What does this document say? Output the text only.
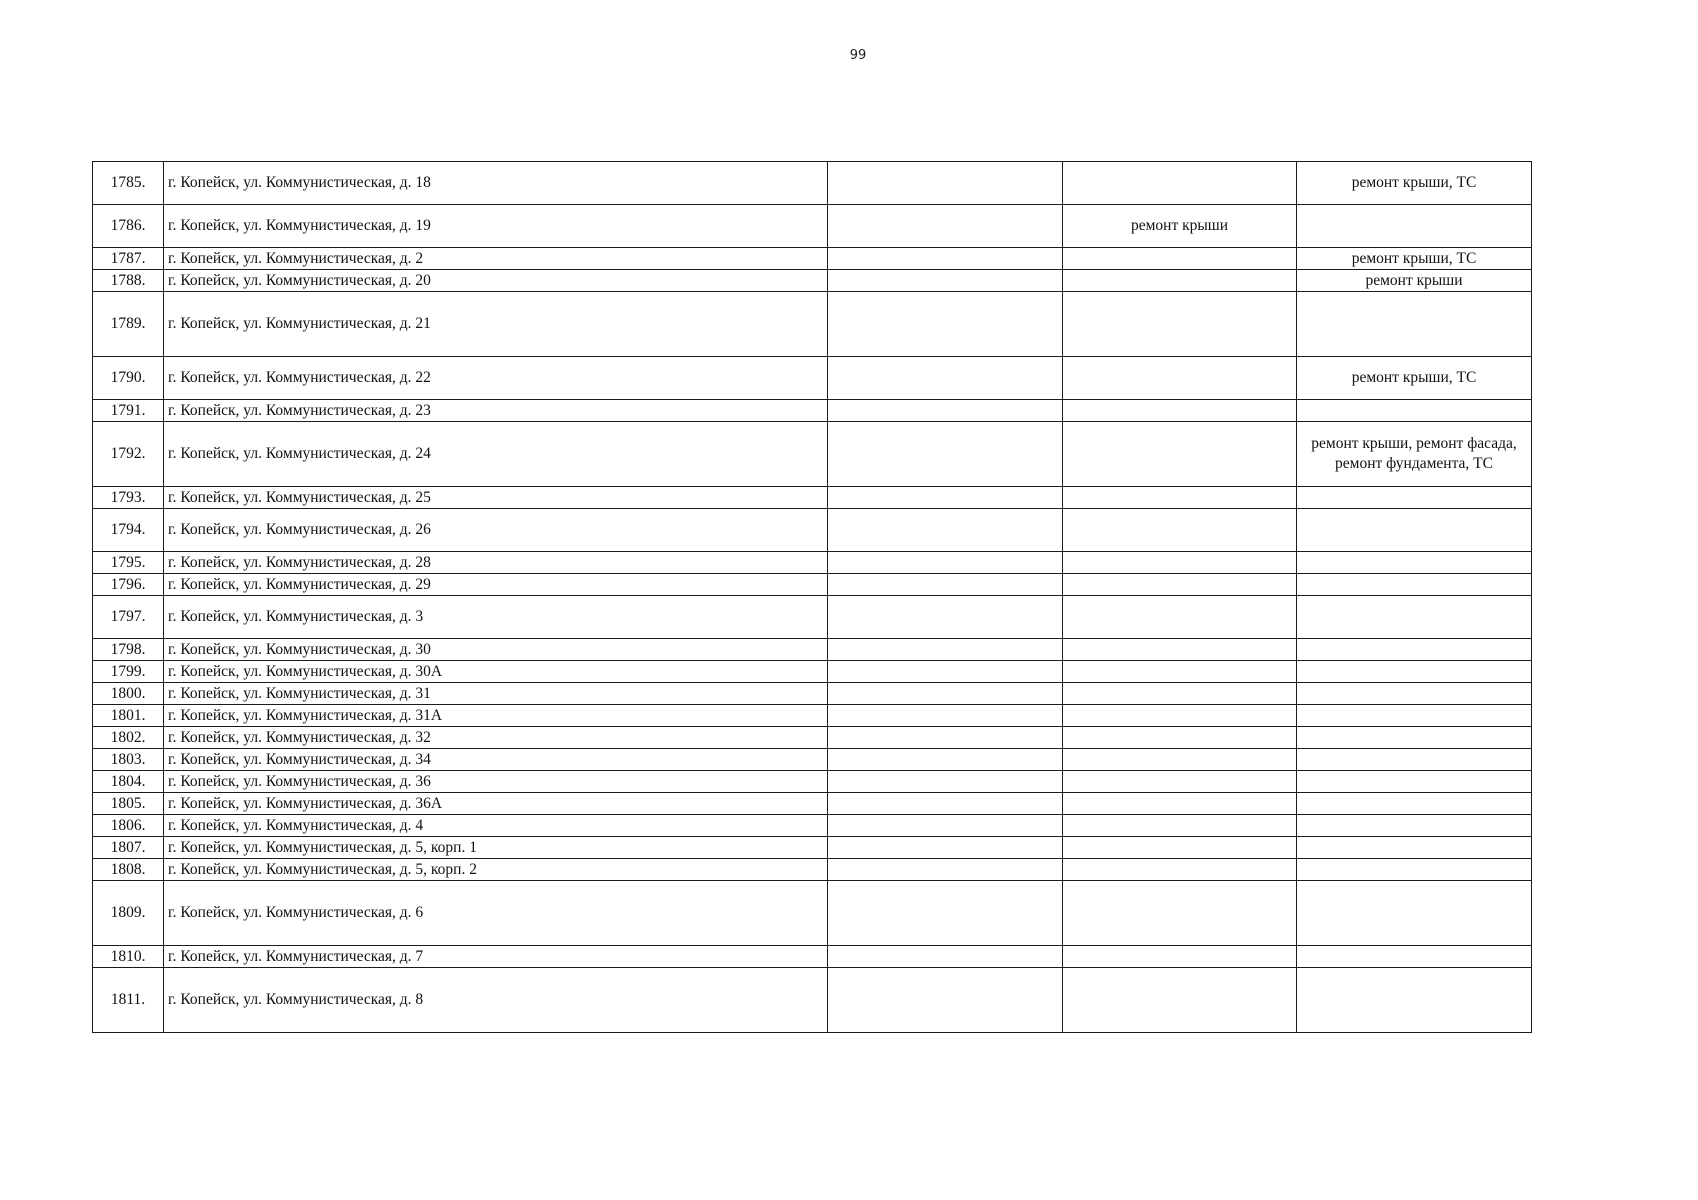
99
1785.	г. Копейск, ул. Коммунистическая, д. 18			ремонт крыши, ТС
1786.	г. Копейск, ул. Коммунистическая, д. 19		ремонт крыши	
1787.	г. Копейск, ул. Коммунистическая, д. 2			ремонт крыши, ТС
1788.	г. Копейск, ул. Коммунистическая, д. 20			ремонт крыши
1789.	г. Копейск, ул. Коммунистическая, д. 21			
1790.	г. Копейск, ул. Коммунистическая, д. 22			ремонт крыши, ТС
1791.	г. Копейск, ул. Коммунистическая, д. 23			
1792.	г. Копейск, ул. Коммунистическая, д. 24			ремонт крыши, ремонт фасада, ремонт фундамента, ТС
1793.	г. Копейск, ул. Коммунистическая, д. 25			
1794.	г. Копейск, ул. Коммунистическая, д. 26			
1795.	г. Копейск, ул. Коммунистическая, д. 28			
1796.	г. Копейск, ул. Коммунистическая, д. 29			
1797.	г. Копейск, ул. Коммунистическая, д. 3			
1798.	г. Копейск, ул. Коммунистическая, д. 30			
1799.	г. Копейск, ул. Коммунистическая, д. 30А			
1800.	г. Копейск, ул. Коммунистическая, д. 31			
1801.	г. Копейск, ул. Коммунистическая, д. 31А			
1802.	г. Копейск, ул. Коммунистическая, д. 32			
1803.	г. Копейск, ул. Коммунистическая, д. 34			
1804.	г. Копейск, ул. Коммунистическая, д. 36			
1805.	г. Копейск, ул. Коммунистическая, д. 36А			
1806.	г. Копейск, ул. Коммунистическая, д. 4			
1807.	г. Копейск, ул. Коммунистическая, д. 5, корп. 1			
1808.	г. Копейск, ул. Коммунистическая, д. 5, корп. 2			
1809.	г. Копейск, ул. Коммунистическая, д. 6			
1810.	г. Копейск, ул. Коммунистическая, д. 7			
1811.	г. Копейск, ул. Коммунистическая, д. 8			
